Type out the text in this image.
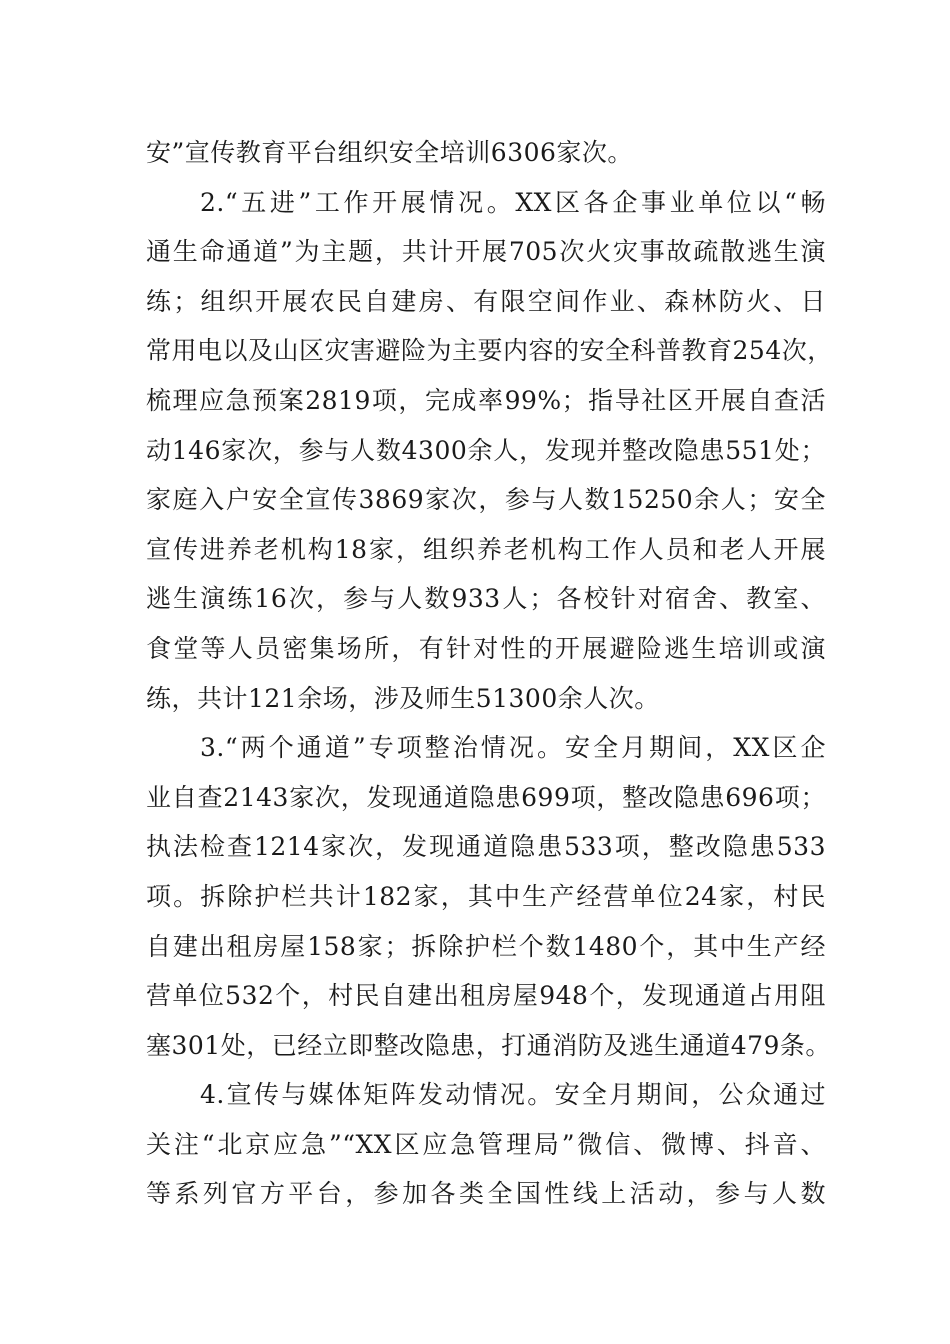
安”宣传教育平台组织安全培训6306家次。
2.“五进”工作开展情况。XX区各企事业单位以“畅
通生命通道”为主题，共计开展705次火灾事故疏散逃生演
练；组织开展农民自建房、有限空间作业、森林防火、日
常用电以及山区灾害避险为主要内容的安全科普教育254次，
梳理应急预案2819项，完成率99%；指导社区开展自查活
动146家次，参与人数4300余人，发现并整改隐患551处；
家庭入户安全宣传3869家次，参与人数15250余人；安全
宣传进养老机构18家，组织养老机构工作人员和老人开展
逃生演练16次，参与人数933人；各校针对宿舍、教室、
食堂等人员密集场所，有针对性的开展避险逃生培训或演
练，共计121余场，涉及师生51300余人次。
3.“两个通道”专项整治情况。安全月期间，XX区企
业自查2143家次，发现通道隐患699项，整改隐患696项；
执法检查1214家次，发现通道隐患533项，整改隐患533
项。拆除护栏共计182家，其中生产经营单位24家，村民
自建出租房屋158家；拆除护栏个数1480个，其中生产经
营单位532个，村民自建出租房屋948个，发现通道占用阻
塞301处，已经立即整改隐患，打通消防及逃生通道479条。
4.宣传与媒体矩阵发动情况。安全月期间，公众通过
关注“北京应急”“XX区应急管理局”微信、微博、抖音、
等系列官方平台，参加各类全国性线上活动，参与人数
